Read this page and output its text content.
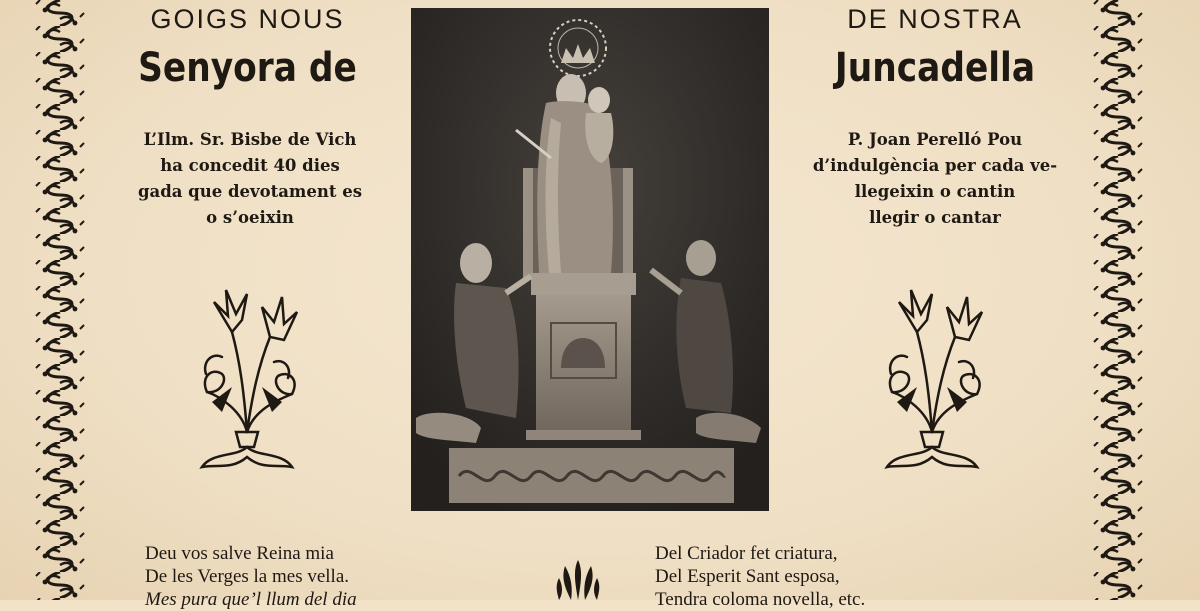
GOIGS NOUS
Senyora de
DE NOSTRA
Juncadella
L’Ilm. Sr. Bisbe de Vich
ha concedit 40 dies
gada que devotament es
o s’oeixin
P. Joan Perelló Pou
d’indulgència per cada ve-
llegeixin o cantin
llegir o cantar
Deu vos salve Reina mia
De les Verges la mes vella.
Mes pura que’l llum del dia
Del Criador fet criatura,
Del Esperit Sant esposa,
Tendra coloma novella, etc.
